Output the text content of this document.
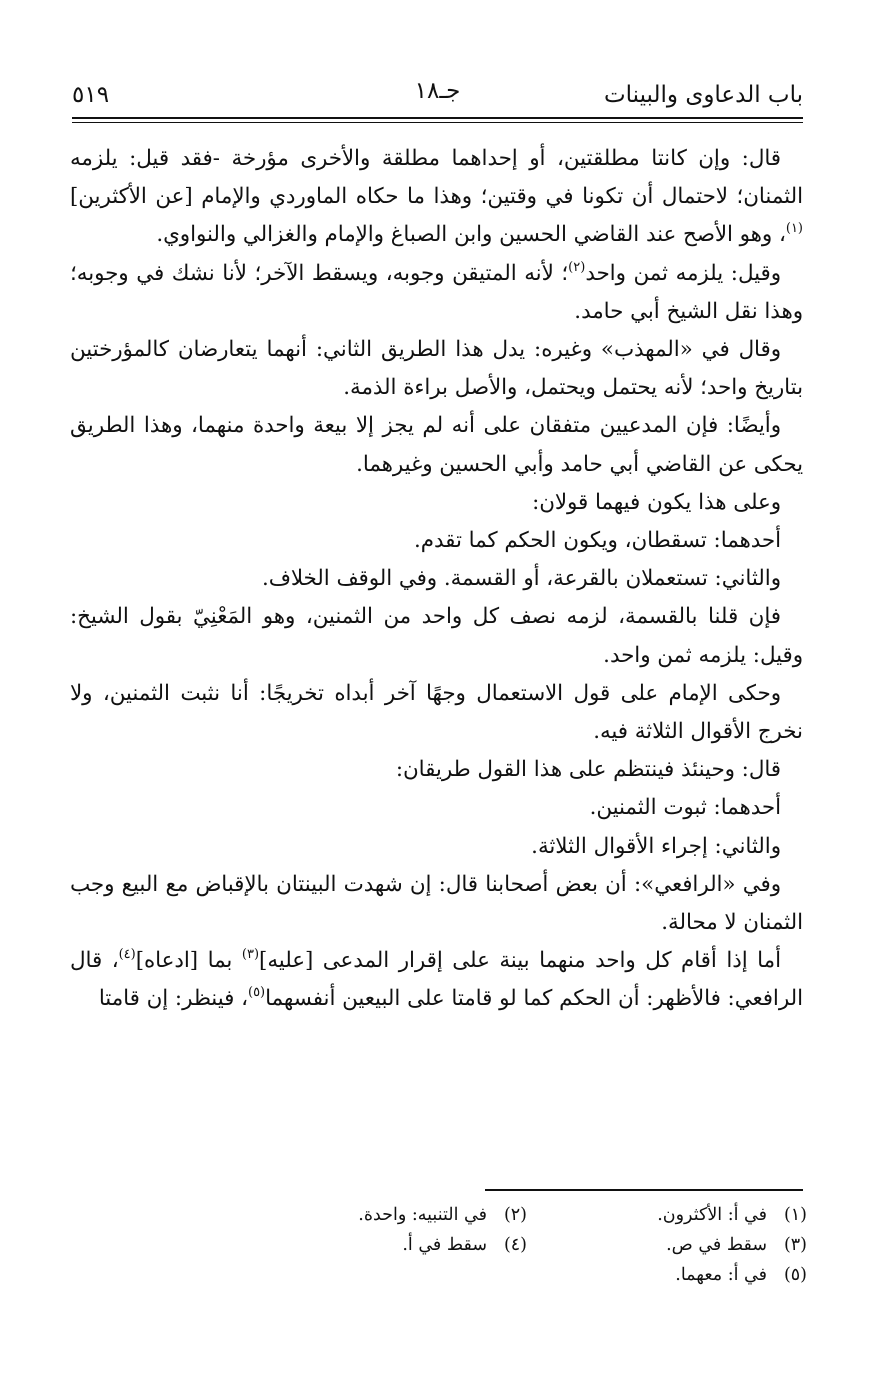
باب الدعاوى والبينات
جـ١٨
٥١٩

قال: وإن كانتا مطلقتين، أو إحداهما مطلقة والأخرى مؤرخة -فقد قيل: يلزمه الثمنان؛ لاحتمال أن تكونا في وقتين؛ وهذا ما حكاه الماوردي والإمام [عن الأكثرين]$^{(١)}$، وهو الأصح عند القاضي الحسين وابن الصباغ والإمام والغزالي والنواوي.

وقيل: يلزمه ثمن واحد$^{(٢)}$؛ لأنه المتيقن وجوبه، ويسقط الآخر؛ لأنا نشك في وجوبه؛ وهذا نقل الشيخ أبي حامد.

وقال في «المهذب» وغيره: يدل هذا الطريق الثاني: أنهما يتعارضان كالمؤرختين بتاريخ واحد؛ لأنه يحتمل ويحتمل، والأصل براءة الذمة.

وأيضًا: فإن المدعيين متفقان على أنه لم يجز إلا بيعة واحدة منهما، وهذا الطريق يحكى عن القاضي أبي حامد وأبي الحسين وغيرهما.

وعلى هذا يكون فيهما قولان:

أحدهما: تسقطان، ويكون الحكم كما تقدم.

والثاني: تستعملان بالقرعة، أو القسمة. وفي الوقف الخلاف.

فإن قلنا بالقسمة، لزمه نصف كل واحد من الثمنين، وهو المَعْنِيّ بقول الشيخ: وقيل: يلزمه ثمن واحد.

وحكى الإمام على قول الاستعمال وجهًا آخر أبداه تخريجًا: أنا نثبت الثمنين، ولا نخرج الأقوال الثلاثة فيه.

قال: وحينئذ فينتظم على هذا القول طريقان:

أحدهما: ثبوت الثمنين.

والثاني: إجراء الأقوال الثلاثة.

وفي «الرافعي»: أن بعض أصحابنا قال: إن شهدت البينتان بالإقباض مع البيع وجب الثمنان لا محالة.

أما إذا أقام كل واحد منهما بينة على إقرار المدعى [عليه]$^{(٣)}$ بما [ادعاه]$^{(٤)}$، قال الرافعي: فالأظهر: أن الحكم كما لو قامتا على البيعين أنفسهما$^{(٥)}$، فينظر: إن قامتا

(١)في أ: الأكثرون.
(٢)في التنبيه: واحدة.
(٣)سقط في ص.
(٤)سقط في أ.
(٥)في أ: معهما.
